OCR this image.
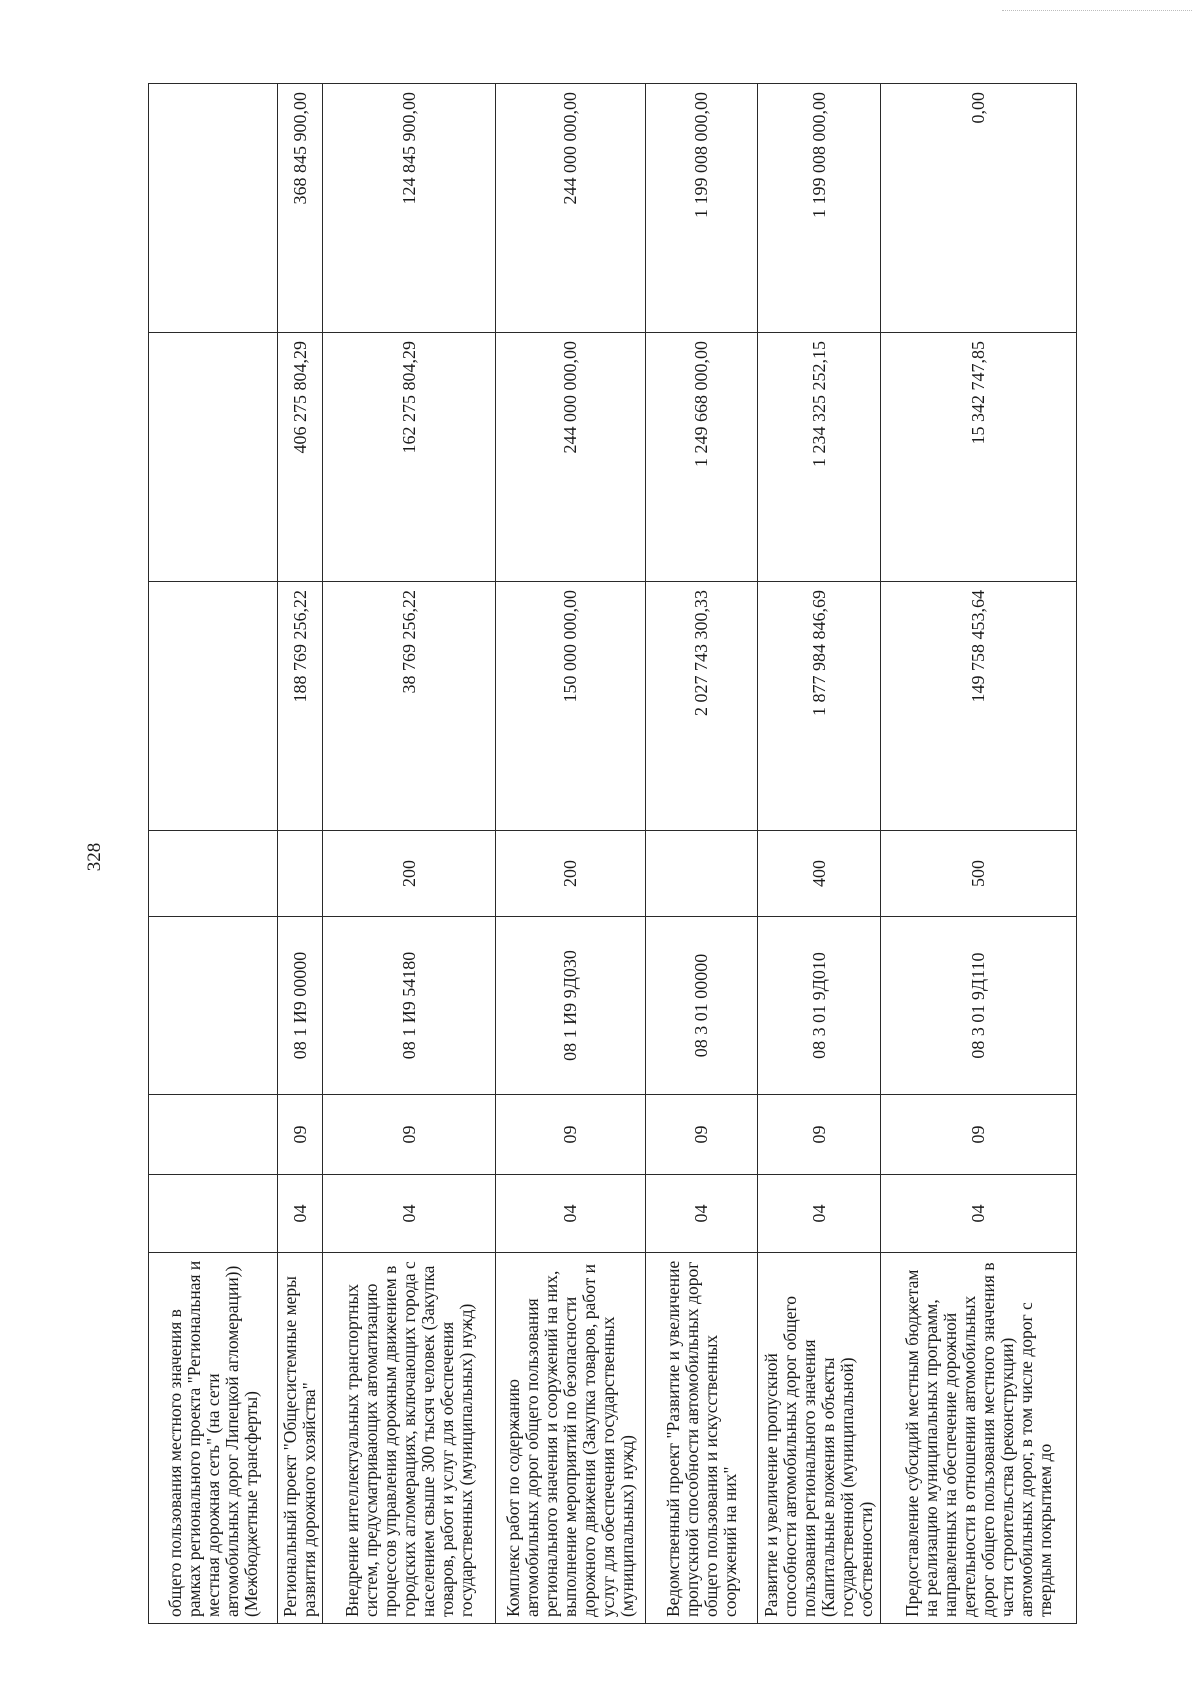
328
общего пользования местного значения в рамках регионального проекта "Региональная и местная дорожная сеть" (на сети автомобильных дорог Липецкой агломерации)) (Межбюджетные трансферты)							
Региональный проект "Общесистемные меры развития дорожного хозяйства"	04	09	08 1 И9 00000		188 769 256,22	406 275 804,29	368 845 900,00
Внедрение интеллектуальных транспортных систем, предусматривающих автоматизацию процессов управления дорожным движением в городских агломерациях, включающих города с населением свыше 300 тысяч человек (Закупка товаров, работ и услуг для обеспечения государственных (муниципальных) нужд)	04	09	08 1 И9 54180	200	38 769 256,22	162 275 804,29	124 845 900,00
Комплекс работ по содержанию автомобильных дорог общего пользования регионального значения и сооружений на них, выполнение мероприятий по безопасности дорожного движения (Закупка товаров, работ и услуг для обеспечения государственных (муниципальных) нужд)	04	09	08 1 И9 9Д030	200	150 000 000,00	244 000 000,00	244 000 000,00
Ведомственный проект "Развитие и увеличение пропускной способности автомобильных дорог общего пользования и искусственных сооружений на них"	04	09	08 3 01 00000		2 027 743 300,33	1 249 668 000,00	1 199 008 000,00
Развитие и увеличение пропускной способности автомобильных дорог общего пользования регионального значения (Капитальные вложения в объекты государственной (муниципальной) собственности)	04	09	08 3 01 9Д010	400	1 877 984 846,69	1 234 325 252,15	1 199 008 000,00
Предоставление субсидий местным бюджетам на реализацию муниципальных программ, направленных на обеспечение дорожной деятельности в отношении автомобильных дорог общего пользования местного значения в части строительства (реконструкции) автомобильных дорог, в том числе дорог с твердым покрытием до	04	09	08 3 01 9Д110	500	149 758 453,64	15 342 747,85	0,00
